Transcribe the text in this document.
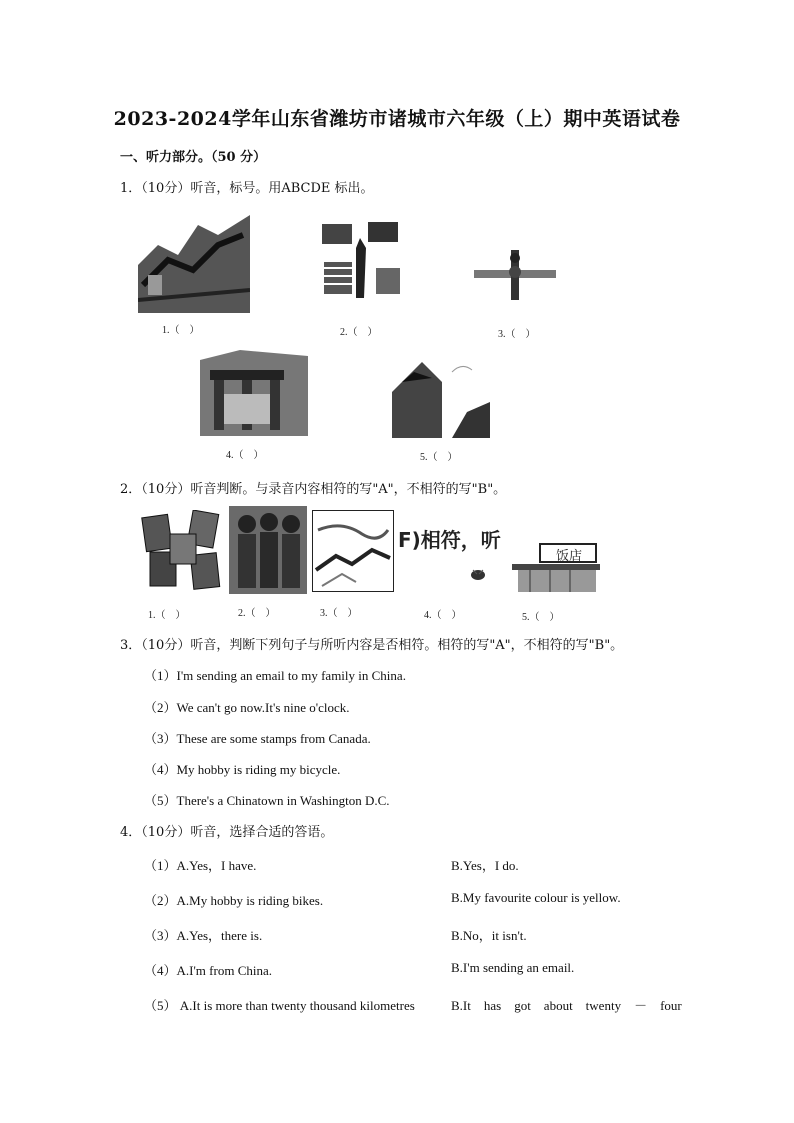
2023-2024学年山东省潍坊市诸城市六年级（上）期中英语试卷
一、听力部分。（50 分）
1．（10分）听音，标号。用ABCDE 标出。
1.（　）	2.（　）	3.（　）
4.（　）	5.（　）
2．（10分）听音判断。与录音内容相符的写"A"，不相符的写"B"。
1.（　）	2.（　）	3.（　）
F)相符，听
4.（　）
饭店
5.（　）
3．（10分）听音，判断下列句子与所听内容是否相符。相符的写"A"，不相符的写"B"。
（1）I'm sending an email to my family in China.
（2）We can't go now.It's nine o'clock.
（3）These are some stamps from Canada.
（4）My hobby is riding my bicycle.
（5）There's a Chinatown in Washington D.C.
4．（10分）听音，选择合适的答语。
（1）A.Yes，I have.	B.Yes，I do.
（2）A.My hobby is riding bikes.	B.My favourite colour is yellow.
（3）A.Yes，there is.	B.No，it isn't.
（4）A.I'm from China.	B.I'm sending an email.
（5） A.It is more than twenty thousand kilometres	B.It　has　got　about　twenty　－　four
